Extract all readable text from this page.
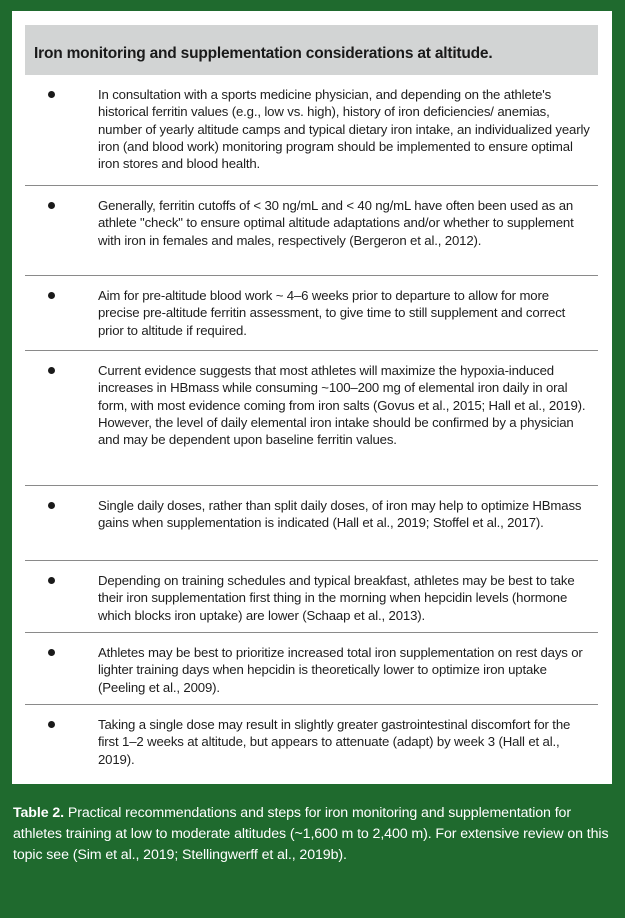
Iron monitoring and supplementation considerations at altitude.
In consultation with a sports medicine physician, and depending on the athlete's historical ferritin values (e.g., low vs. high), history of iron deficiencies/ anemias, number of yearly altitude camps and typical dietary iron intake, an individualized yearly iron (and blood work) monitoring program should be implemented to ensure optimal iron stores and blood health.
Generally, ferritin cutoffs of < 30 ng/mL and < 40 ng/mL have often been used as an athlete "check" to ensure optimal altitude adaptations and/or whether to supplement with iron in females and males, respectively (Bergeron et al., 2012).
Aim for pre-altitude blood work ~ 4–6 weeks prior to departure to allow for more precise pre-altitude ferritin assessment, to give time to still supplement and correct prior to altitude if required.
Current evidence suggests that most athletes will maximize the hypoxia-induced increases in HBmass while consuming ~100–200 mg of elemental iron daily in oral form, with most evidence coming from iron salts (Govus et al., 2015; Hall et al., 2019). However, the level of daily elemental iron intake should be confirmed by a physician and may be dependent upon baseline ferritin values.
Single daily doses, rather than split daily doses, of iron may help to optimize HBmass gains when supplementation is indicated (Hall et al., 2019; Stoffel et al., 2017).
Depending on training schedules and typical breakfast, athletes may be best to take their iron supplementation first thing in the morning when hepcidin levels (hormone which blocks iron uptake) are lower (Schaap et al., 2013).
Athletes may be best to prioritize increased total iron supplementation on rest days or lighter training days when hepcidin is theoretically lower to optimize iron uptake (Peeling et al., 2009).
Taking a single dose may result in slightly greater gastrointestinal discomfort for the first 1–2 weeks at altitude, but appears to attenuate (adapt) by week 3 (Hall et al., 2019).
Table 2. Practical recommendations and steps for iron monitoring and supplementation for athletes training at low to moderate altitudes (~1,600 m to 2,400 m). For extensive review on this topic see (Sim et al., 2019; Stellingwerff et al., 2019b).
